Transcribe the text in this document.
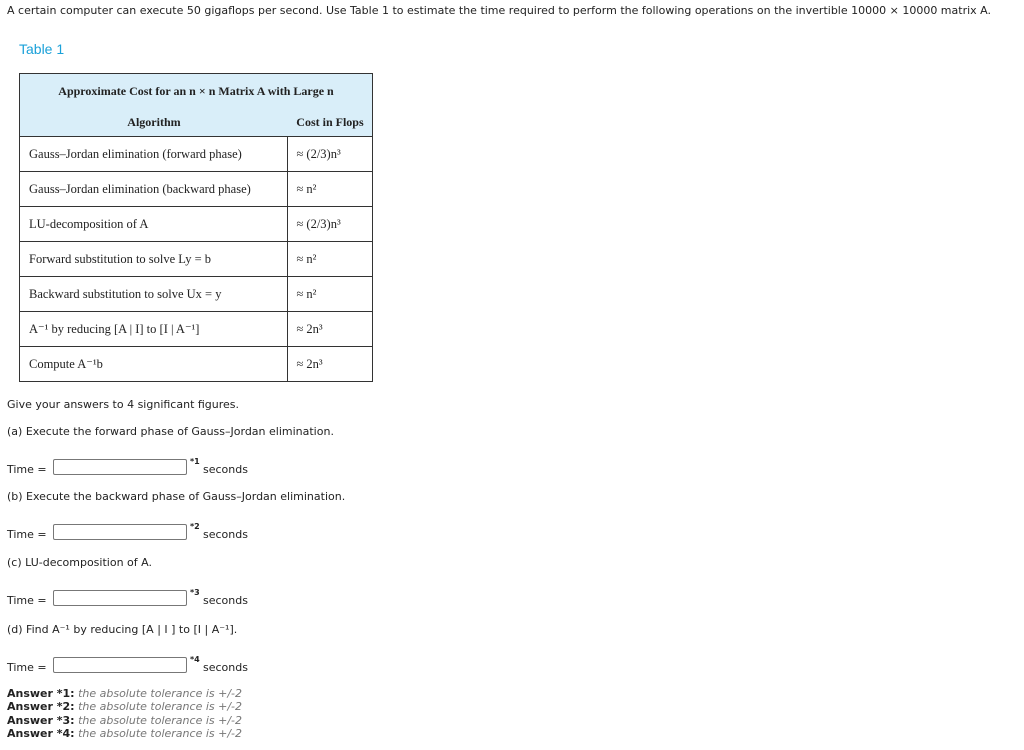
A certain computer can execute 50 gigaflops per second. Use Table 1 to estimate the time required to perform the following operations on the invertible 10000 × 10000 matrix A.
Table 1
Approximate Cost for an n × n Matrix A with Large n	
Algorithm	Cost in Flops
Gauss–Jordan elimination (forward phase)	≈ (2/3)n³
Gauss–Jordan elimination (backward phase)	≈ n²
LU-decomposition of A	≈ (2/3)n³
Forward substitution to solve Ly = b	≈ n²
Backward substitution to solve Ux = y	≈ n²
A⁻¹ by reducing [A | I] to [I | A⁻¹]	≈ 2n³
Compute A⁻¹b	≈ 2n³
Give your answers to 4 significant figures.
(a) Execute the forward phase of Gauss–Jordan elimination.
Time =
*1
seconds
(b) Execute the backward phase of Gauss–Jordan elimination.
Time =
*2
seconds
(c) LU-decomposition of A.
Time =
*3
seconds
(d) Find A⁻¹ by reducing [A | I ] to [I | A⁻¹].
Time =
*4
seconds
Answer *1: the absolute tolerance is +/-2
Answer *2: the absolute tolerance is +/-2
Answer *3: the absolute tolerance is +/-2
Answer *4: the absolute tolerance is +/-2
